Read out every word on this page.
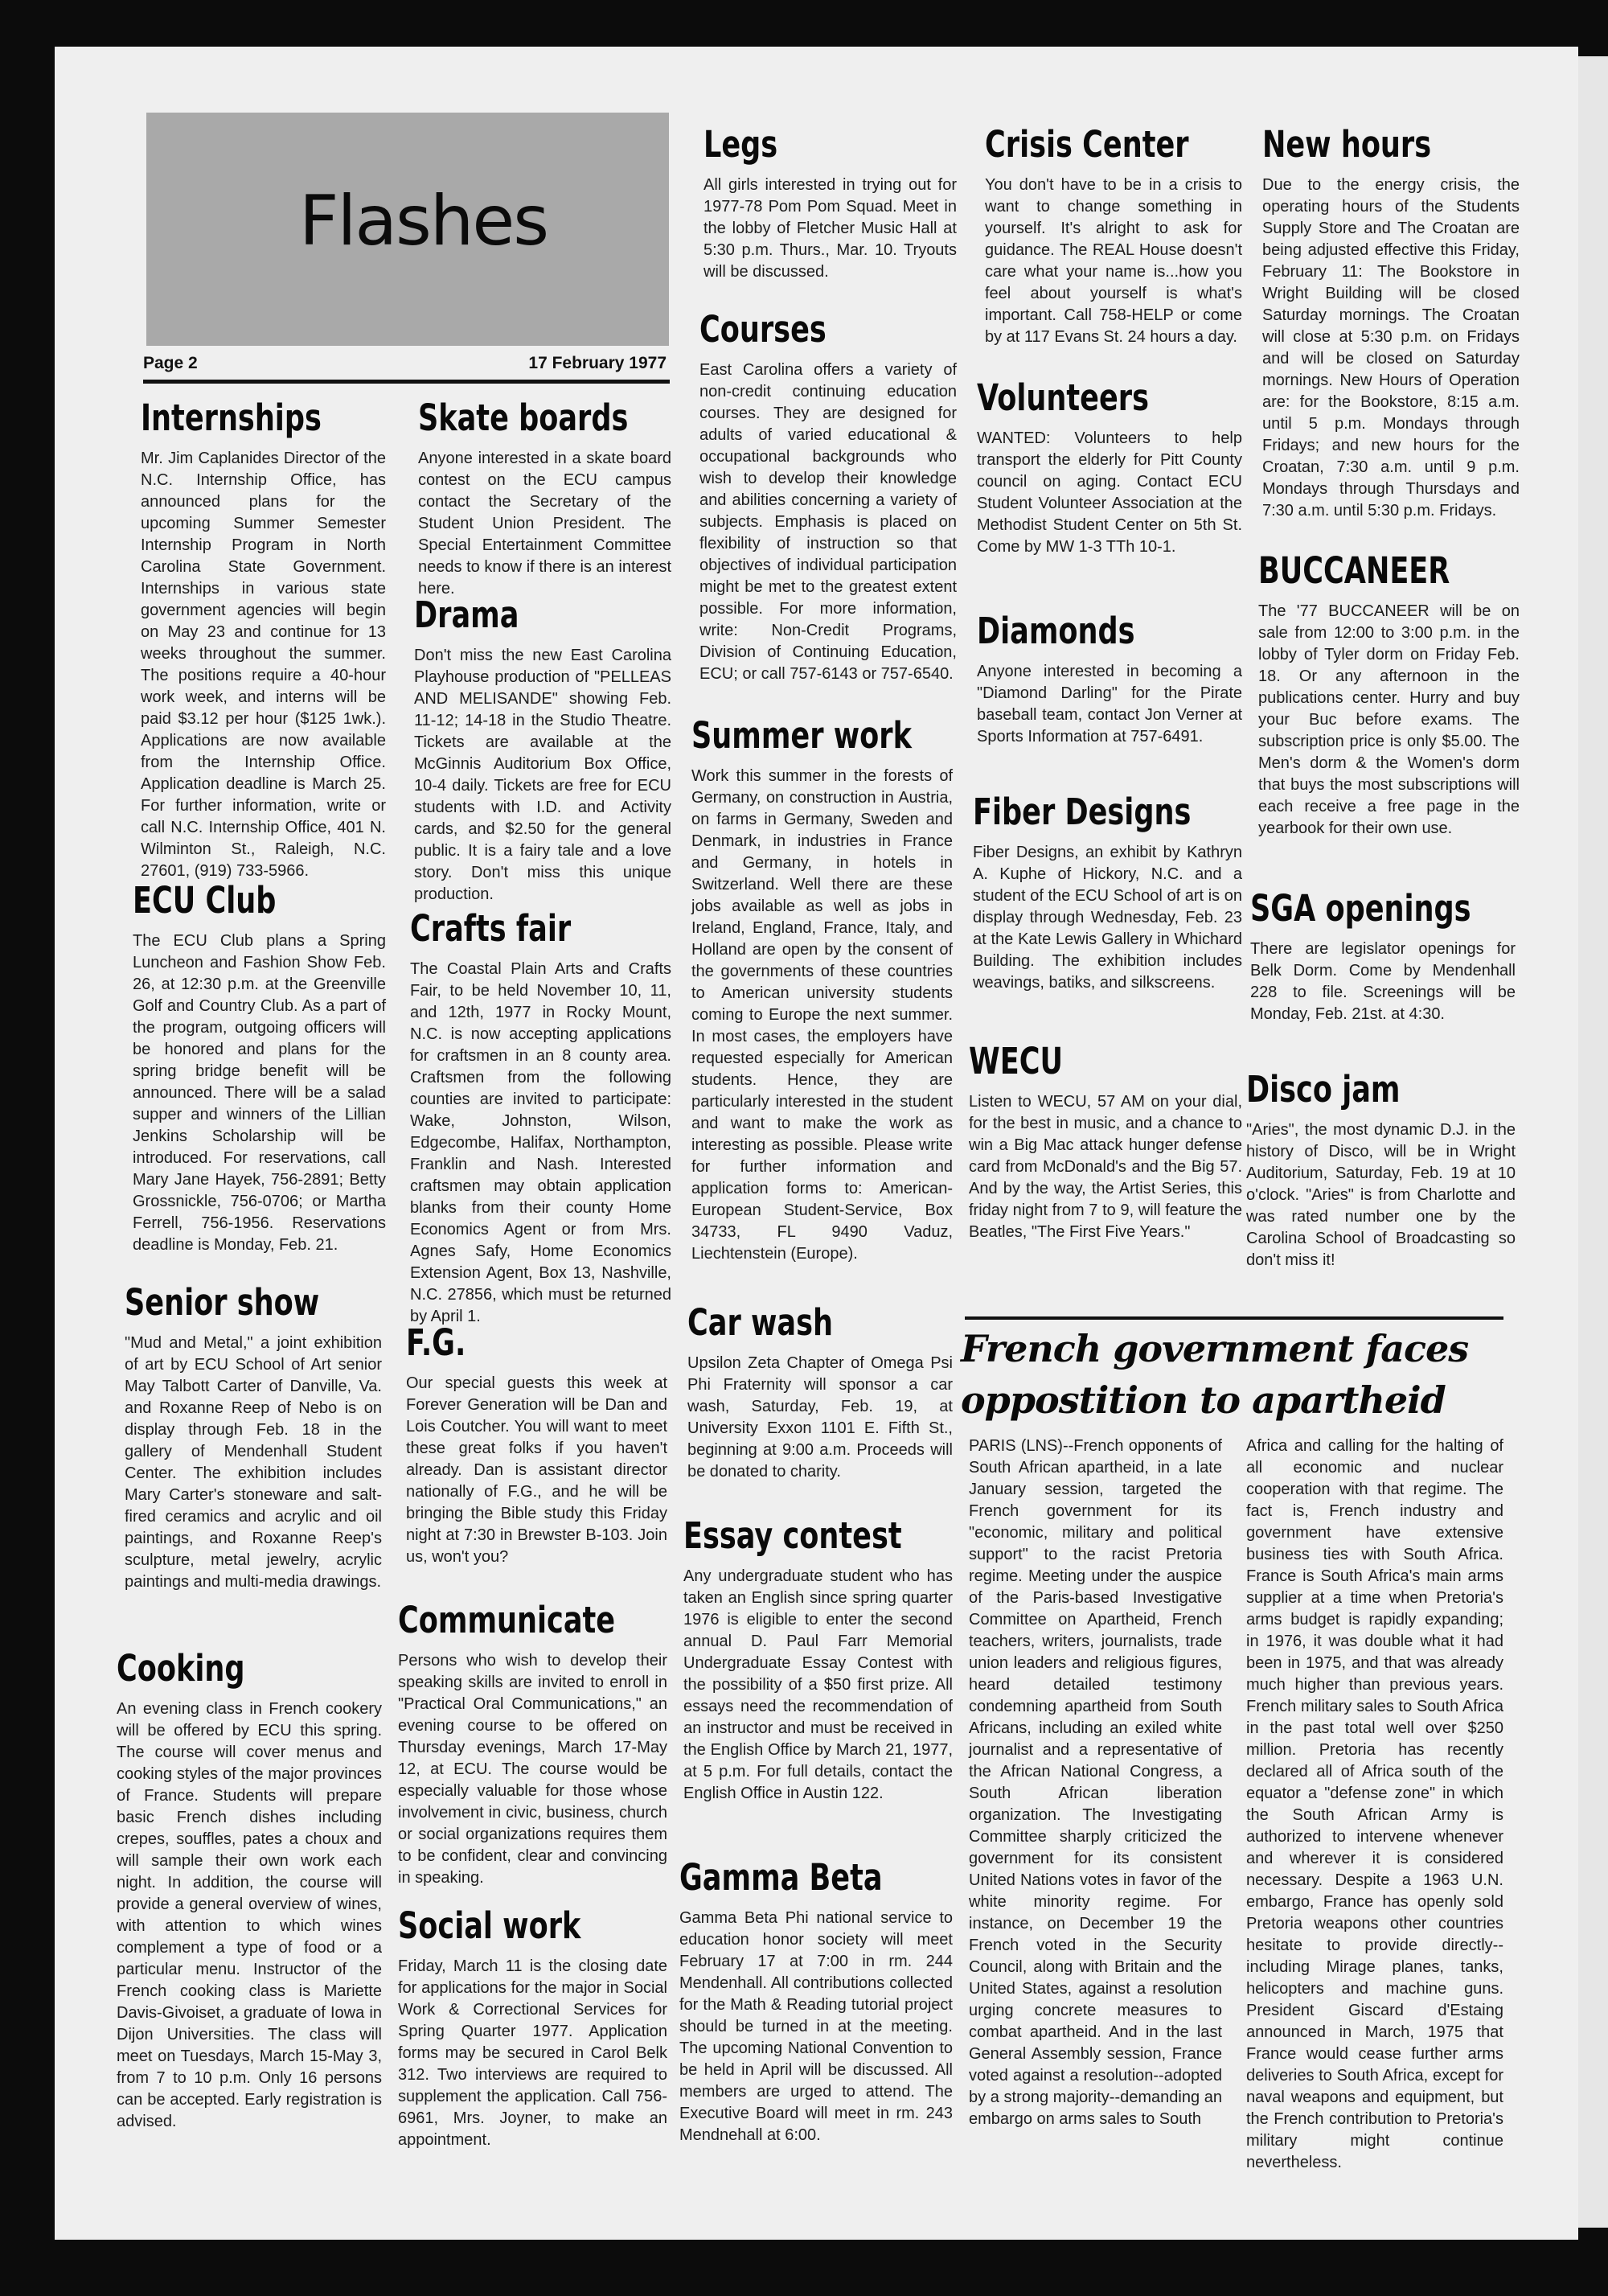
Flashes
Page 2	17 February 1977
Internships

Mr. Jim Caplanides Director of the N.C. Internship Office, has announced plans for the upcoming Summer Semester Internship Program in North Carolina State Government. Internships in various state government agencies will begin on May 23 and continue for 13 weeks throughout the summer. The positions require a 40-hour work week, and interns will be paid $3.12 per hour ($125 1wk.). Applications are now available from the Internship Office. Application deadline is March 25. For further information, write or call N.C. Internship Office, 401 N. Wilminton St., Raleigh, N.C. 27601, (919) 733-5966.

ECU Club

The ECU Club plans a Spring Luncheon and Fashion Show Feb. 26, at 12:30 p.m. at the Greenville Golf and Country Club. As a part of the program, outgoing officers will be honored and plans for the spring bridge benefit will be announced. There will be a salad supper and winners of the Lillian Jenkins Scholarship will be introduced. For reservations, call Mary Jane Hayek, 756-2891; Betty Grossnickle, 756-0706; or Martha Ferrell, 756-1956. Reservations deadline is Monday, Feb. 21.

Senior show

"Mud and Metal," a joint exhibition of art by ECU School of Art senior May Talbott Carter of Danville, Va. and Roxanne Reep of Nebo is on display through Feb. 18 in the gallery of Mendenhall Student Center. The exhibition includes Mary Carter's stoneware and salt-fired ceramics and acrylic and oil paintings, and Roxanne Reep's sculpture, metal jewelry, acrylic paintings and multi-media drawings.

Cooking

An evening class in French cookery will be offered by ECU this spring. The course will cover menus and cooking styles of the major provinces of France. Students will prepare basic French dishes including crepes, souffles, pates a choux and will sample their own work each night. In addition, the course will provide a general overview of wines, with attention to which wines complement a type of food or a particular menu. Instructor of the French cooking class is Mariette Davis-Givoiset, a graduate of Iowa in Dijon Universities. The class will meet on Tuesdays, March 15-May 3, from 7 to 10 p.m. Only 16 persons can be accepted. Early registration is advised.

Skate boards

Anyone interested in a skate board contest on the ECU campus contact the Secretary of the Student Union President. The Special Entertainment Committee needs to know if there is an interest here.

Drama

Don't miss the new East Carolina Playhouse production of "PELLEAS AND MELISANDE" showing Feb. 11-12; 14-18 in the Studio Theatre. Tickets are available at the McGinnis Auditorium Box Office, 10-4 daily. Tickets are free for ECU students with I.D. and Activity cards, and $2.50 for the general public. It is a fairy tale and a love story. Don't miss this unique production.

Crafts fair

The Coastal Plain Arts and Crafts Fair, to be held November 10, 11, and 12th, 1977 in Rocky Mount, N.C. is now accepting applications for craftsmen in an 8 county area. Craftsmen from the following counties are invited to participate: Wake, Johnston, Wilson, Edgecombe, Halifax, Northampton, Franklin and Nash. Interested craftsmen may obtain application blanks from their county Home Economics Agent or from Mrs. Agnes Safy, Home Economics Extension Agent, Box 13, Nashville, N.C. 27856, which must be returned by April 1.

F.G.

Our special guests this week at Forever Generation will be Dan and Lois Coutcher. You will want to meet these great folks if you haven't already. Dan is assistant director nationally of F.G., and he will be bringing the Bible study this Friday night at 7:30 in Brewster B-103. Join us, won't you?

Communicate

Persons who wish to develop their speaking skills are invited to enroll in "Practical Oral Communications," an evening course to be offered on Thursday evenings, March 17-May 12, at ECU. The course would be especially valuable for those whose involvement in civic, business, church or social organizations requires them to be confident, clear and convincing in speaking.

Social work

Friday, March 11 is the closing date for applications for the major in Social Work & Correctional Services for Spring Quarter 1977. Application forms may be secured in Carol Belk 312. Two interviews are required to supplement the application. Call 756-6961, Mrs. Joyner, to make an appointment.

Legs

All girls interested in trying out for 1977-78 Pom Pom Squad. Meet in the lobby of Fletcher Music Hall at 5:30 p.m. Thurs., Mar. 10. Tryouts will be discussed.

Courses

East Carolina offers a variety of non-credit continuing education courses. They are designed for adults of varied educational & occupational backgrounds who wish to develop their knowledge and abilities concerning a variety of subjects. Emphasis is placed on flexibility of instruction so that objectives of individual participation might be met to the greatest extent possible. For more information, write: Non-Credit Programs, Division of Continuing Education, ECU; or call 757-6143 or 757-6540.

Summer work

Work this summer in the forests of Germany, on construction in Austria, on farms in Germany, Sweden and Denmark, in industries in France and Germany, in hotels in Switzerland. Well there are these jobs available as well as jobs in Ireland, England, France, Italy, and Holland are open by the consent of the governments of these countries to American university students coming to Europe the next summer. In most cases, the employers have requested especially for American students. Hence, they are particularly interested in the student and want to make the work as interesting as possible. Please write for further information and application forms to: American-European Student-Service, Box 34733, FL 9490 Vaduz, Liechtenstein (Europe).

Car wash

Upsilon Zeta Chapter of Omega Psi Phi Fraternity will sponsor a car wash, Saturday, Feb. 19, at University Exxon 1101 E. Fifth St., beginning at 9:00 a.m. Proceeds will be donated to charity.

Essay contest

Any undergraduate student who has taken an English since spring quarter 1976 is eligible to enter the second annual D. Paul Farr Memorial Undergraduate Essay Contest with the possibility of a $50 first prize. All essays need the recommendation of an instructor and must be received in the English Office by March 21, 1977, at 5 p.m. For full details, contact the English Office in Austin 122.

Gamma Beta

Gamma Beta Phi national service to education honor society will meet February 17 at 7:00 in rm. 244 Mendenhall. All contributions collected for the Math & Reading tutorial project should be turned in at the meeting. The upcoming National Convention to be held in April will be discussed. All members are urged to attend. The Executive Board will meet in rm. 243 Mendnehall at 6:00.

Crisis Center

You don't have to be in a crisis to want to change something in yourself. It's alright to ask for guidance. The REAL House doesn't care what your name is...how you feel about yourself is what's important. Call 758-HELP or come by at 117 Evans St. 24 hours a day.

Volunteers

WANTED: Volunteers to help transport the elderly for Pitt County council on aging. Contact ECU Student Volunteer Association at the Methodist Student Center on 5th St. Come by MW 1-3 TTh 10-1.

Diamonds

Anyone interested in becoming a "Diamond Darling" for the Pirate baseball team, contact Jon Verner at Sports Information at 757-6491.

Fiber Designs

Fiber Designs, an exhibit by Kathryn A. Kuphe of Hickory, N.C. and a student of the ECU School of art is on display through Wednesday, Feb. 23 at the Kate Lewis Gallery in Whichard Building. The exhibition includes weavings, batiks, and silkscreens.

WECU

Listen to WECU, 57 AM on your dial, for the best in music, and a chance to win a Big Mac attack hunger defense card from McDonald's and the Big 57. And by the way, the Artist Series, this friday night from 7 to 9, will feature the Beatles, "The First Five Years."

New hours

Due to the energy crisis, the operating hours of the Students Supply Store and The Croatan are being adjusted effective this Friday, February 11: The Bookstore in Wright Building will be closed Saturday mornings. The Croatan will close at 5:30 p.m. on Fridays and will be closed on Saturday mornings. New Hours of Operation are: for the Bookstore, 8:15 a.m. until 5 p.m. Mondays through Fridays; and new hours for the Croatan, 7:30 a.m. until 9 p.m. Mondays through Thursdays and 7:30 a.m. until 5:30 p.m. Fridays.

BUCCANEER

The '77 BUCCANEER will be on sale from 12:00 to 3:00 p.m. in the lobby of Tyler dorm on Friday Feb. 18. Or any afternoon in the publications center. Hurry and buy your Buc before exams. The subscription price is only $5.00. The Men's dorm & the Women's dorm that buys the most subscriptions will each receive a free page in the yearbook for their own use.

SGA openings

There are legislator openings for Belk Dorm. Come by Mendenhall 228 to file. Screenings will be Monday, Feb. 21st. at 4:30.

Disco jam

"Aries", the most dynamic D.J. in the history of Disco, will be in Wright Auditorium, Saturday, Feb. 19 at 10 o'clock. "Aries" is from Charlotte and was rated number one by the Carolina School of Broadcasting so don't miss it!

French government faces
oppostition to apartheid

PARIS (LNS)--French opponents of South African apartheid, in a late January session, targeted the French government for its "economic, military and political support" to the racist Pretoria regime. Meeting under the auspice of the Paris-based Investigative Committee on Apartheid, French teachers, writers, journalists, trade union leaders and religious figures, heard detailed testimony condemning apartheid from South Africans, including an exiled white journalist and a representative of the African National Congress, a South African liberation organization. The Investigating Committee sharply criticized the government for its consistent United Nations votes in favor of the white minority regime. For instance, on December 19 the French voted in the Security Council, along with Britain and the United States, against a resolution urging concrete measures to combat apartheid. And in the last General Assembly session, France voted against a resolution--adopted by a strong majority--demanding an embargo on arms sales to South

Africa and calling for the halting of all economic and nuclear cooperation with that regime. The fact is, French industry and government have extensive business ties with South Africa. France is South Africa's main arms supplier at a time when Pretoria's arms budget is rapidly expanding; in 1976, it was double what it had been in 1975, and that was already much higher than previous years. French military sales to South Africa in the past total well over $250 million. Pretoria has recently declared all of Africa south of the equator a "defense zone" in which the South African Army is authorized to intervene whenever and wherever it is considered necessary. Despite a 1963 U.N. embargo, France has openly sold Pretoria weapons other countries hesitate to provide directly--including Mirage planes, tanks, helicopters and machine guns. President Giscard d'Estaing announced in March, 1975 that France would cease further arms deliveries to South Africa, except for naval weapons and equipment, but the French contribution to Pretoria's military might continue nevertheless.
